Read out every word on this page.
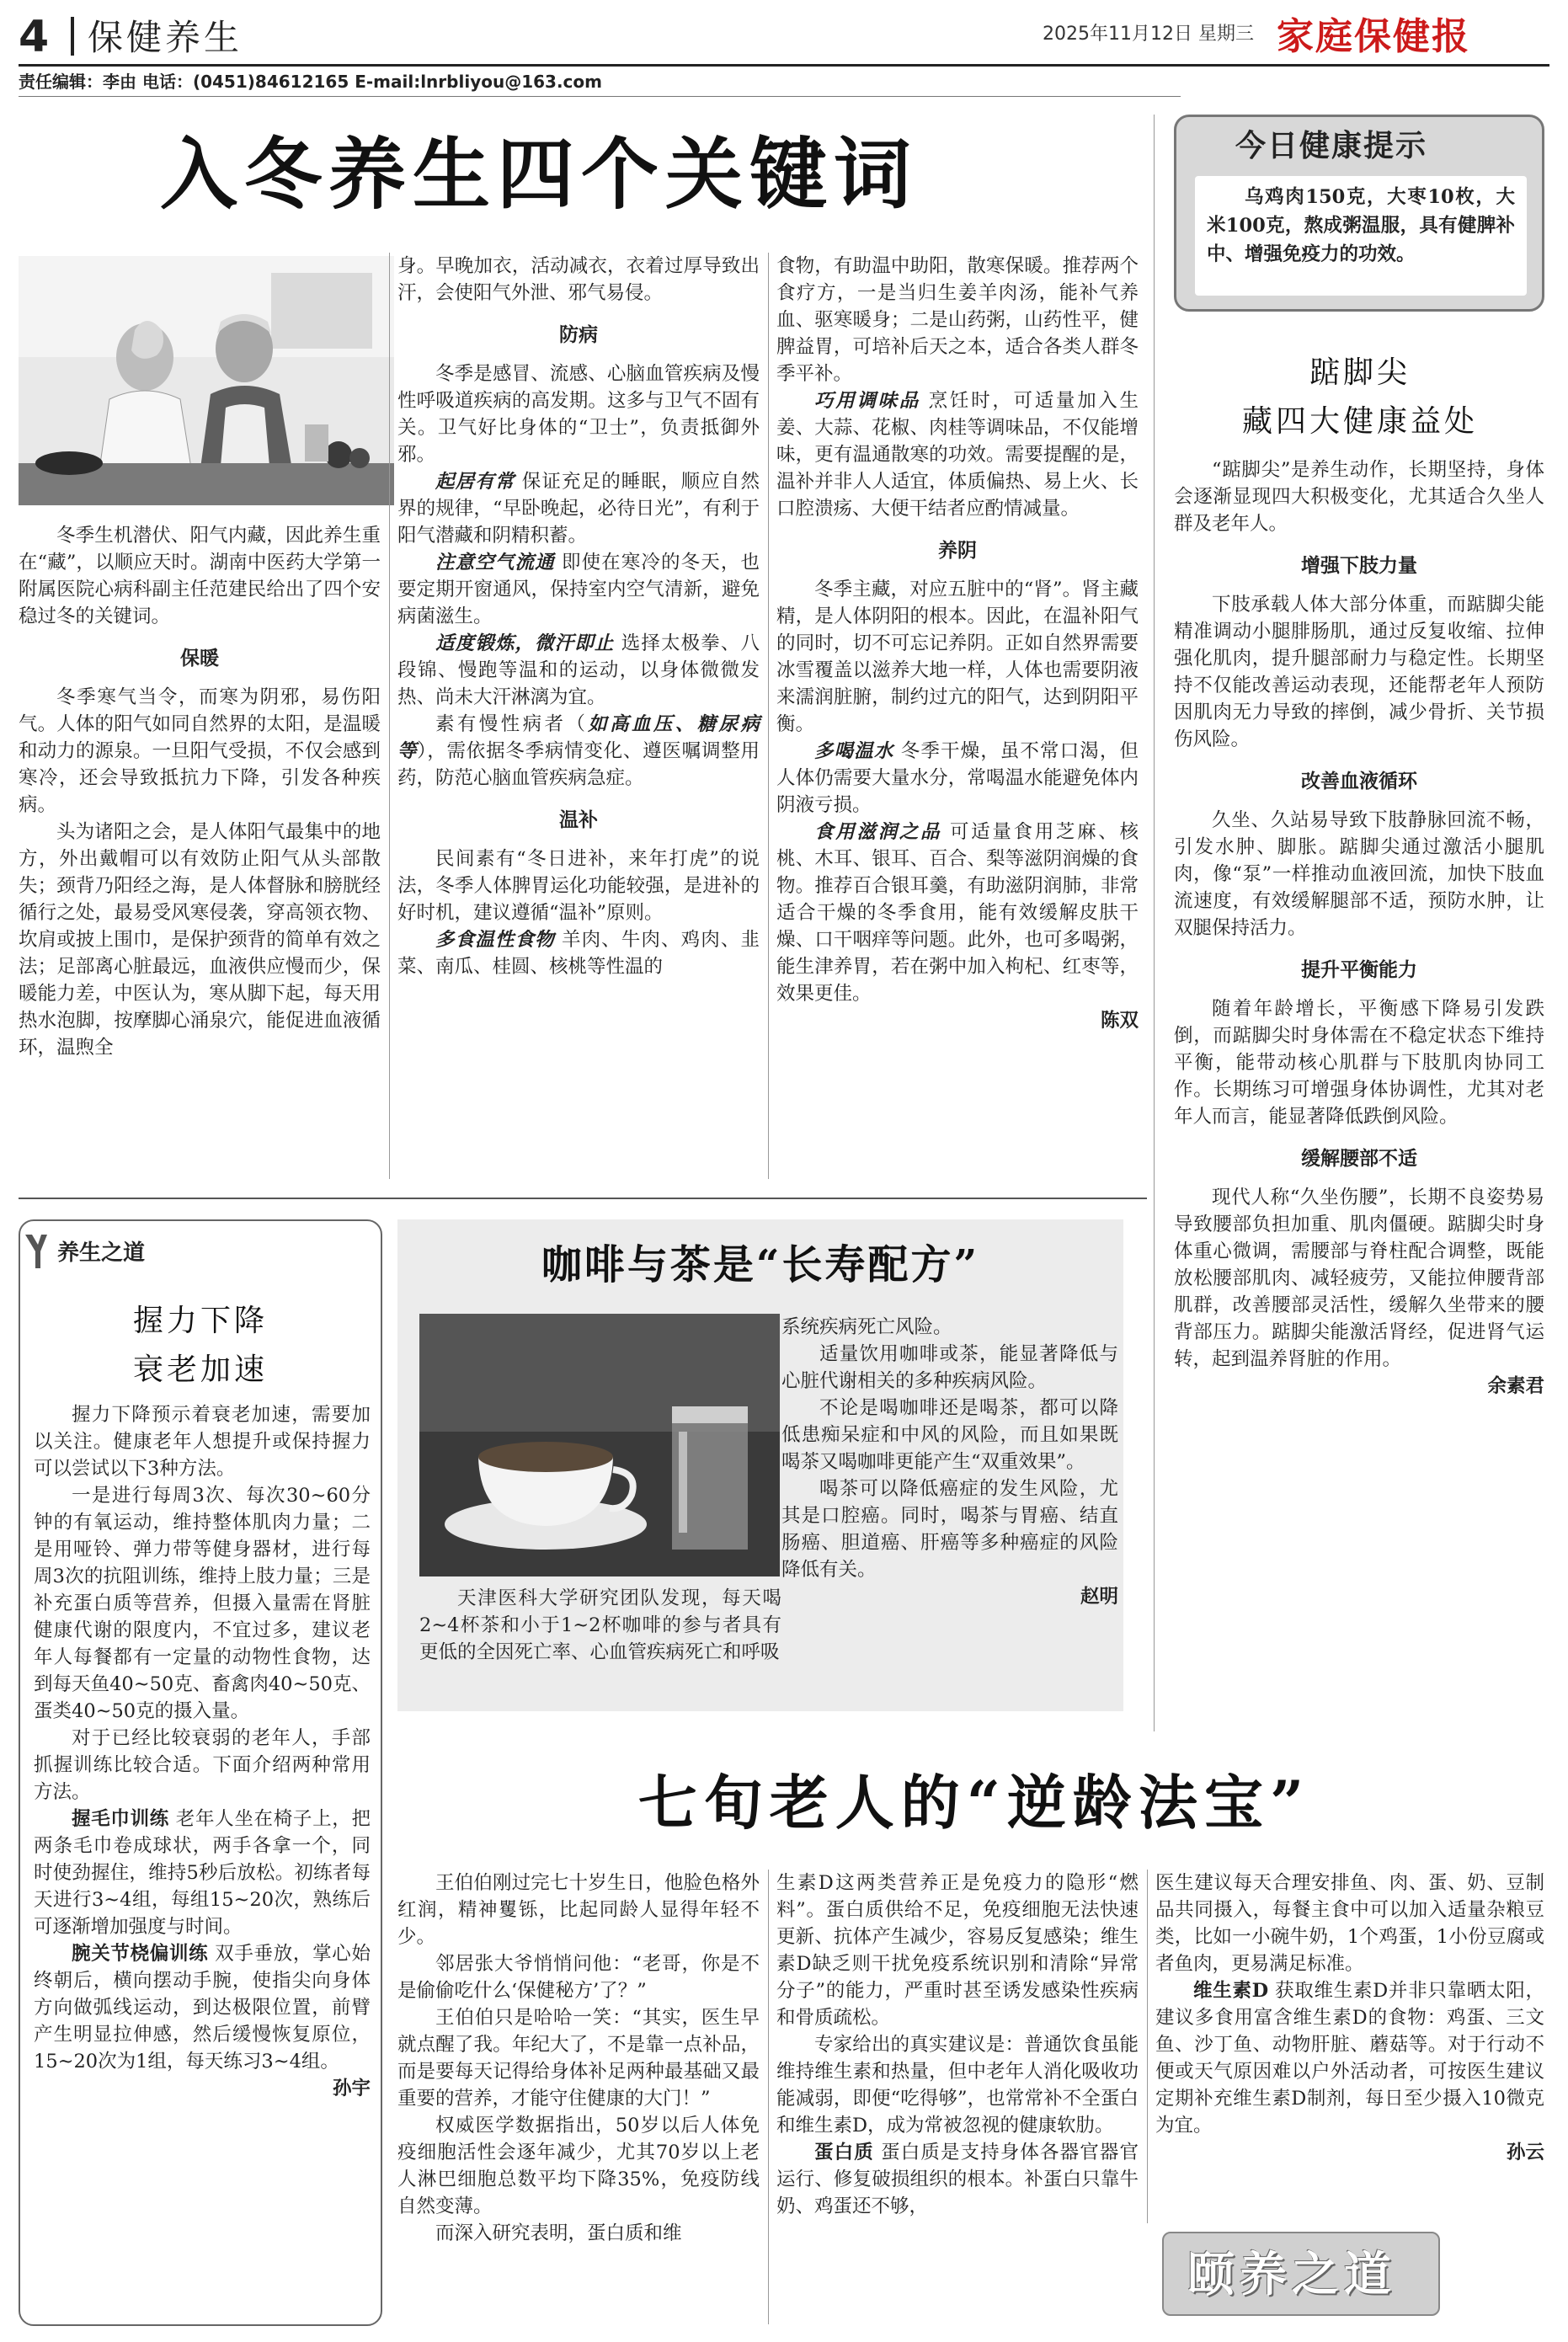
4 保健养生	2025年11月12日 星期三 家庭保健报
责任编辑：李由 电话：(0451)84612165 E-mail:lnrbliyou@163.com
入冬养生四个关键词

冬季生机潜伏、阳气内藏，因此养生重在“藏”，以顺应天时。湖南中医药大学第一附属医院心病科副主任范建民给出了四个安稳过冬的关键词。

保暖

冬季寒气当令，而寒为阴邪，易伤阳气。人体的阳气如同自然界的太阳，是温暖和动力的源泉。一旦阳气受损，不仅会感到寒冷，还会导致抵抗力下降，引发各种疾病。

头为诸阳之会，是人体阳气最集中的地方，外出戴帽可以有效防止阳气从头部散失；颈背乃阳经之海，是人体督脉和膀胱经循行之处，最易受风寒侵袭，穿高领衣物、坎肩或披上围巾，是保护颈背的简单有效之法；足部离心脏最远，血液供应慢而少，保暖能力差，中医认为，寒从脚下起，每天用热水泡脚，按摩脚心涌泉穴，能促进血液循环，温煦全

身。早晚加衣，活动减衣，衣着过厚导致出汗，会使阳气外泄、邪气易侵。

防病

冬季是感冒、流感、心脑血管疾病及慢性呼吸道疾病的高发期。这多与卫气不固有关。卫气好比身体的“卫士”，负责抵御外邪。

起居有常 保证充足的睡眠，顺应自然界的规律，“早卧晚起，必待日光”，有利于阳气潜藏和阴精积蓄。

注意空气流通 即使在寒冷的冬天，也要定期开窗通风，保持室内空气清新，避免病菌滋生。

适度锻炼，微汗即止 选择太极拳、八段锦、慢跑等温和的运动，以身体微微发热、尚未大汗淋漓为宜。

素有慢性病者（如高血压、糖尿病等），需依据冬季病情变化、遵医嘱调整用药，防范心脑血管疾病急症。

温补

民间素有“冬日进补，来年打虎”的说法，冬季人体脾胃运化功能较强，是进补的好时机，建议遵循“温补”原则。

多食温性食物 羊肉、牛肉、鸡肉、韭菜、南瓜、桂圆、核桃等性温的

食物，有助温中助阳，散寒保暖。推荐两个食疗方，一是当归生姜羊肉汤，能补气养血、驱寒暖身；二是山药粥，山药性平，健脾益胃，可培补后天之本，适合各类人群冬季平补。

巧用调味品 烹饪时，可适量加入生姜、大蒜、花椒、肉桂等调味品，不仅能增味，更有温通散寒的功效。需要提醒的是，温补并非人人适宜，体质偏热、易上火、长口腔溃疡、大便干结者应酌情减量。

养阴

冬季主藏，对应五脏中的“肾”。肾主藏精，是人体阴阳的根本。因此，在温补阳气的同时，切不可忘记养阴。正如自然界需要冰雪覆盖以滋养大地一样，人体也需要阴液来濡润脏腑，制约过亢的阳气，达到阴阳平衡。

多喝温水 冬季干燥，虽不常口渴，但人体仍需要大量水分，常喝温水能避免体内阴液亏损。

食用滋润之品 可适量食用芝麻、核桃、木耳、银耳、百合、梨等滋阴润燥的食物。推荐百合银耳羹，有助滋阴润肺，非常适合干燥的冬季食用，能有效缓解皮肤干燥、口干咽痒等问题。此外，也可多喝粥，能生津养胃，若在粥中加入枸杞、红枣等，效果更佳。

陈双

今日健康提示

乌鸡肉150克，大枣10枚，大米100克，熬成粥温服，具有健脾补中、增强免疫力的功效。

踮脚尖
藏四大健康益处

“踮脚尖”是养生动作，长期坚持，身体会逐渐显现四大积极变化，尤其适合久坐人群及老年人。

增强下肢力量

下肢承载人体大部分体重，而踮脚尖能精准调动小腿腓肠肌，通过反复收缩、拉伸强化肌肉，提升腿部耐力与稳定性。长期坚持不仅能改善运动表现，还能帮老年人预防因肌肉无力导致的摔倒，减少骨折、关节损伤风险。

改善血液循环

久坐、久站易导致下肢静脉回流不畅，引发水肿、脚胀。踮脚尖通过激活小腿肌肉，像“泵”一样推动血液回流，加快下肢血流速度，有效缓解腿部不适，预防水肿，让双腿保持活力。

提升平衡能力

随着年龄增长，平衡感下降易引发跌倒，而踮脚尖时身体需在不稳定状态下维持平衡，能带动核心肌群与下肢肌肉协同工作。长期练习可增强身体协调性，尤其对老年人而言，能显著降低跌倒风险。

缓解腰部不适

现代人称“久坐伤腰”，长期不良姿势易导致腰部负担加重、肌肉僵硬。踮脚尖时身体重心微调，需腰部与脊柱配合调整，既能放松腰部肌肉、减轻疲劳，又能拉伸腰背部肌群，改善腰部灵活性，缓解久坐带来的腰背部压力。踮脚尖能激活肾经，促进肾气运转，起到温养肾脏的作用。

余素君

养生之道
握力下降
衰老加速

握力下降预示着衰老加速，需要加以关注。健康老年人想提升或保持握力可以尝试以下3种方法。

一是进行每周3次、每次30~60分钟的有氧运动，维持整体肌肉力量；二是用哑铃、弹力带等健身器材，进行每周3次的抗阻训练，维持上肢力量；三是补充蛋白质等营养，但摄入量需在肾脏健康代谢的限度内，不宜过多，建议老年人每餐都有一定量的动物性食物，达到每天鱼40~50克、畜禽肉40~50克、蛋类40~50克的摄入量。

对于已经比较衰弱的老年人，手部抓握训练比较合适。下面介绍两种常用方法。

握毛巾训练 老年人坐在椅子上，把两条毛巾卷成球状，两手各拿一个，同时使劲握住，维持5秒后放松。初练者每天进行3~4组，每组15~20次，熟练后可逐渐增加强度与时间。

腕关节桡偏训练 双手垂放，掌心始终朝后，横向摆动手腕，使指尖向身体方向做弧线运动，到达极限位置，前臂产生明显拉伸感，然后缓慢恢复原位，15~20次为1组，每天练习3~4组。

孙宇

咖啡与茶是“长寿配方”

天津医科大学研究团队发现，每天喝2~4杯茶和小于1~2杯咖啡的参与者具有更低的全因死亡率、心血管疾病死亡和呼吸

系统疾病死亡风险。

适量饮用咖啡或茶，能显著降低与心脏代谢相关的多种疾病风险。

不论是喝咖啡还是喝茶，都可以降低患痴呆症和中风的风险，而且如果既喝茶又喝咖啡更能产生“双重效果”。

喝茶可以降低癌症的发生风险，尤其是口腔癌。同时，喝茶与胃癌、结直肠癌、胆道癌、肝癌等多种癌症的风险降低有关。

赵明

七旬老人的“逆龄法宝”

王伯伯刚过完七十岁生日，他脸色格外红润，精神矍铄，比起同龄人显得年轻不少。

邻居张大爷悄悄问他：“老哥，你是不是偷偷吃什么‘保健秘方’了？”

王伯伯只是哈哈一笑：“其实，医生早就点醒了我。年纪大了，不是靠一点补品，而是要每天记得给身体补足两种最基础又最重要的营养，才能守住健康的大门！”

权威医学数据指出，50岁以后人体免疫细胞活性会逐年减少，尤其70岁以上老人淋巴细胞总数平均下降35%，免疫防线自然变薄。

而深入研究表明，蛋白质和维

生素D这两类营养正是免疫力的隐形“燃料”。蛋白质供给不足，免疫细胞无法快速更新、抗体产生减少，容易反复感染；维生素D缺乏则干扰免疫系统识别和清除“异常分子”的能力，严重时甚至诱发感染性疾病和骨质疏松。

专家给出的真实建议是：普通饮食虽能维持维生素和热量，但中老年人消化吸收功能减弱，即便“吃得够”，也常常补不全蛋白和维生素D，成为常被忽视的健康软肋。

蛋白质 蛋白质是支持身体各器官器官运行、修复破损组织的根本。补蛋白只靠牛奶、鸡蛋还不够，

医生建议每天合理安排鱼、肉、蛋、奶、豆制品共同摄入，每餐主食中可以加入适量杂粮豆类，比如一小碗牛奶，1个鸡蛋，1小份豆腐或者鱼肉，更易满足标准。

维生素D 获取维生素D并非只靠晒太阳，建议多食用富含维生素D的食物：鸡蛋、三文鱼、沙丁鱼、动物肝脏、蘑菇等。对于行动不便或天气原因难以户外活动者，可按医生建议定期补充维生素D制剂，每日至少摄入10微克为宜。

孙云

颐养之道
